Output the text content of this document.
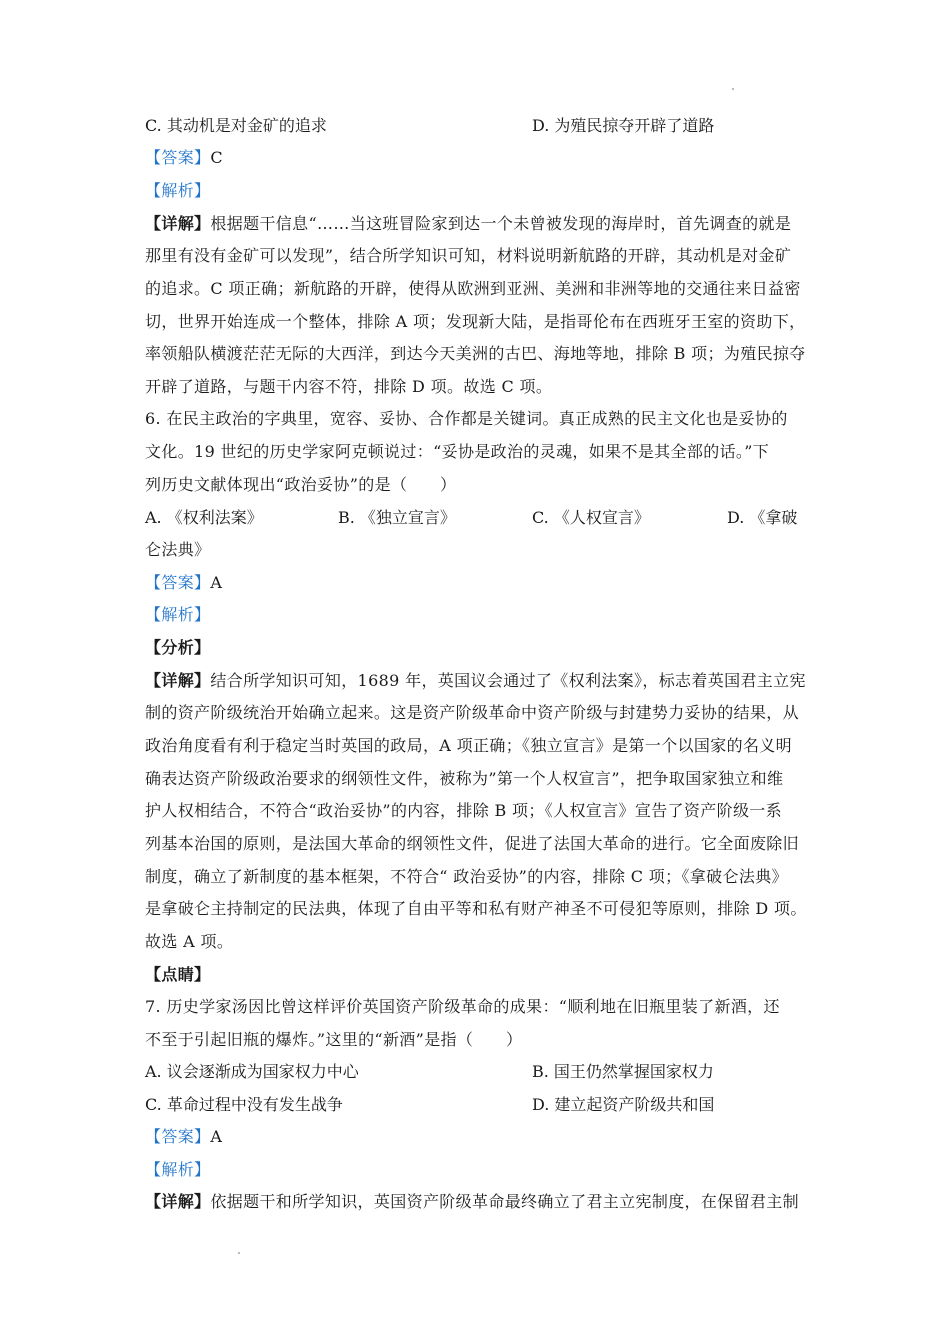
C. 其动机是对金矿的追求	D. 为殖民掠夺开辟了道路
【答案】C
【解析】
【详解】根据题干信息“……当这班冒险家到达一个未曾被发现的海岸时，首先调查的就是
那里有没有金矿可以发现”，结合所学知识可知，材料说明新航路的开辟，其动机是对金矿
的追求。C 项正确；新航路的开辟，使得从欧洲到亚洲、美洲和非洲等地的交通往来日益密
切，世界开始连成一个整体，排除 A 项；发现新大陆，是指哥伦布在西班牙王室的资助下，
率领船队横渡茫茫无际的大西洋，到达今天美洲的古巴、海地等地，排除 B 项；为殖民掠夺
开辟了道路，与题干内容不符，排除 D 项。故选 C 项。
6. 在民主政治的字典里，宽容、妥协、合作都是关键词。真正成熟的民主文化也是妥协的
文化。19 世纪的历史学家阿克顿说过：“妥协是政治的灵魂，如果不是其全部的话。”下
列历史文献体现出“政治妥协”的是（　　）
A. 《权利法案》	B. 《独立宣言》	C. 《人权宣言》	D. 《拿破
仑法典》
【答案】A
【解析】
【分析】
【详解】结合所学知识可知，1689 年，英国议会通过了《权利法案》，标志着英国君主立宪
制的资产阶级统治开始确立起来。这是资产阶级革命中资产阶级与封建势力妥协的结果，从
政治角度看有利于稳定当时英国的政局，A 项正确；《独立宣言》是第一个以国家的名义明
确表达资产阶级政治要求的纲领性文件，被称为”第一个人权宣言”，把争取国家独立和维
护人权相结合，不符合“政治妥协”的内容，排除 B 项；《人权宣言》宣告了资产阶级一系
列基本治国的原则，是法国大革命的纲领性文件，促进了法国大革命的进行。它全面废除旧
制度，确立了新制度的基本框架，不符合“ 政治妥协”的内容，排除 C 项；《拿破仑法典》
是拿破仑主持制定的民法典，体现了自由平等和私有财产神圣不可侵犯等原则，排除 D 项。
故选 A 项。
【点睛】
7. 历史学家汤因比曾这样评价英国资产阶级革命的成果：“顺利地在旧瓶里装了新酒，还
不至于引起旧瓶的爆炸。”这里的“新酒”是指（　　）
A. 议会逐渐成为国家权力中心	B. 国王仍然掌握国家权力
C. 革命过程中没有发生战争	D. 建立起资产阶级共和国
【答案】A
【解析】
【详解】依据题干和所学知识，英国资产阶级革命最终确立了君主立宪制度，在保留君主制
